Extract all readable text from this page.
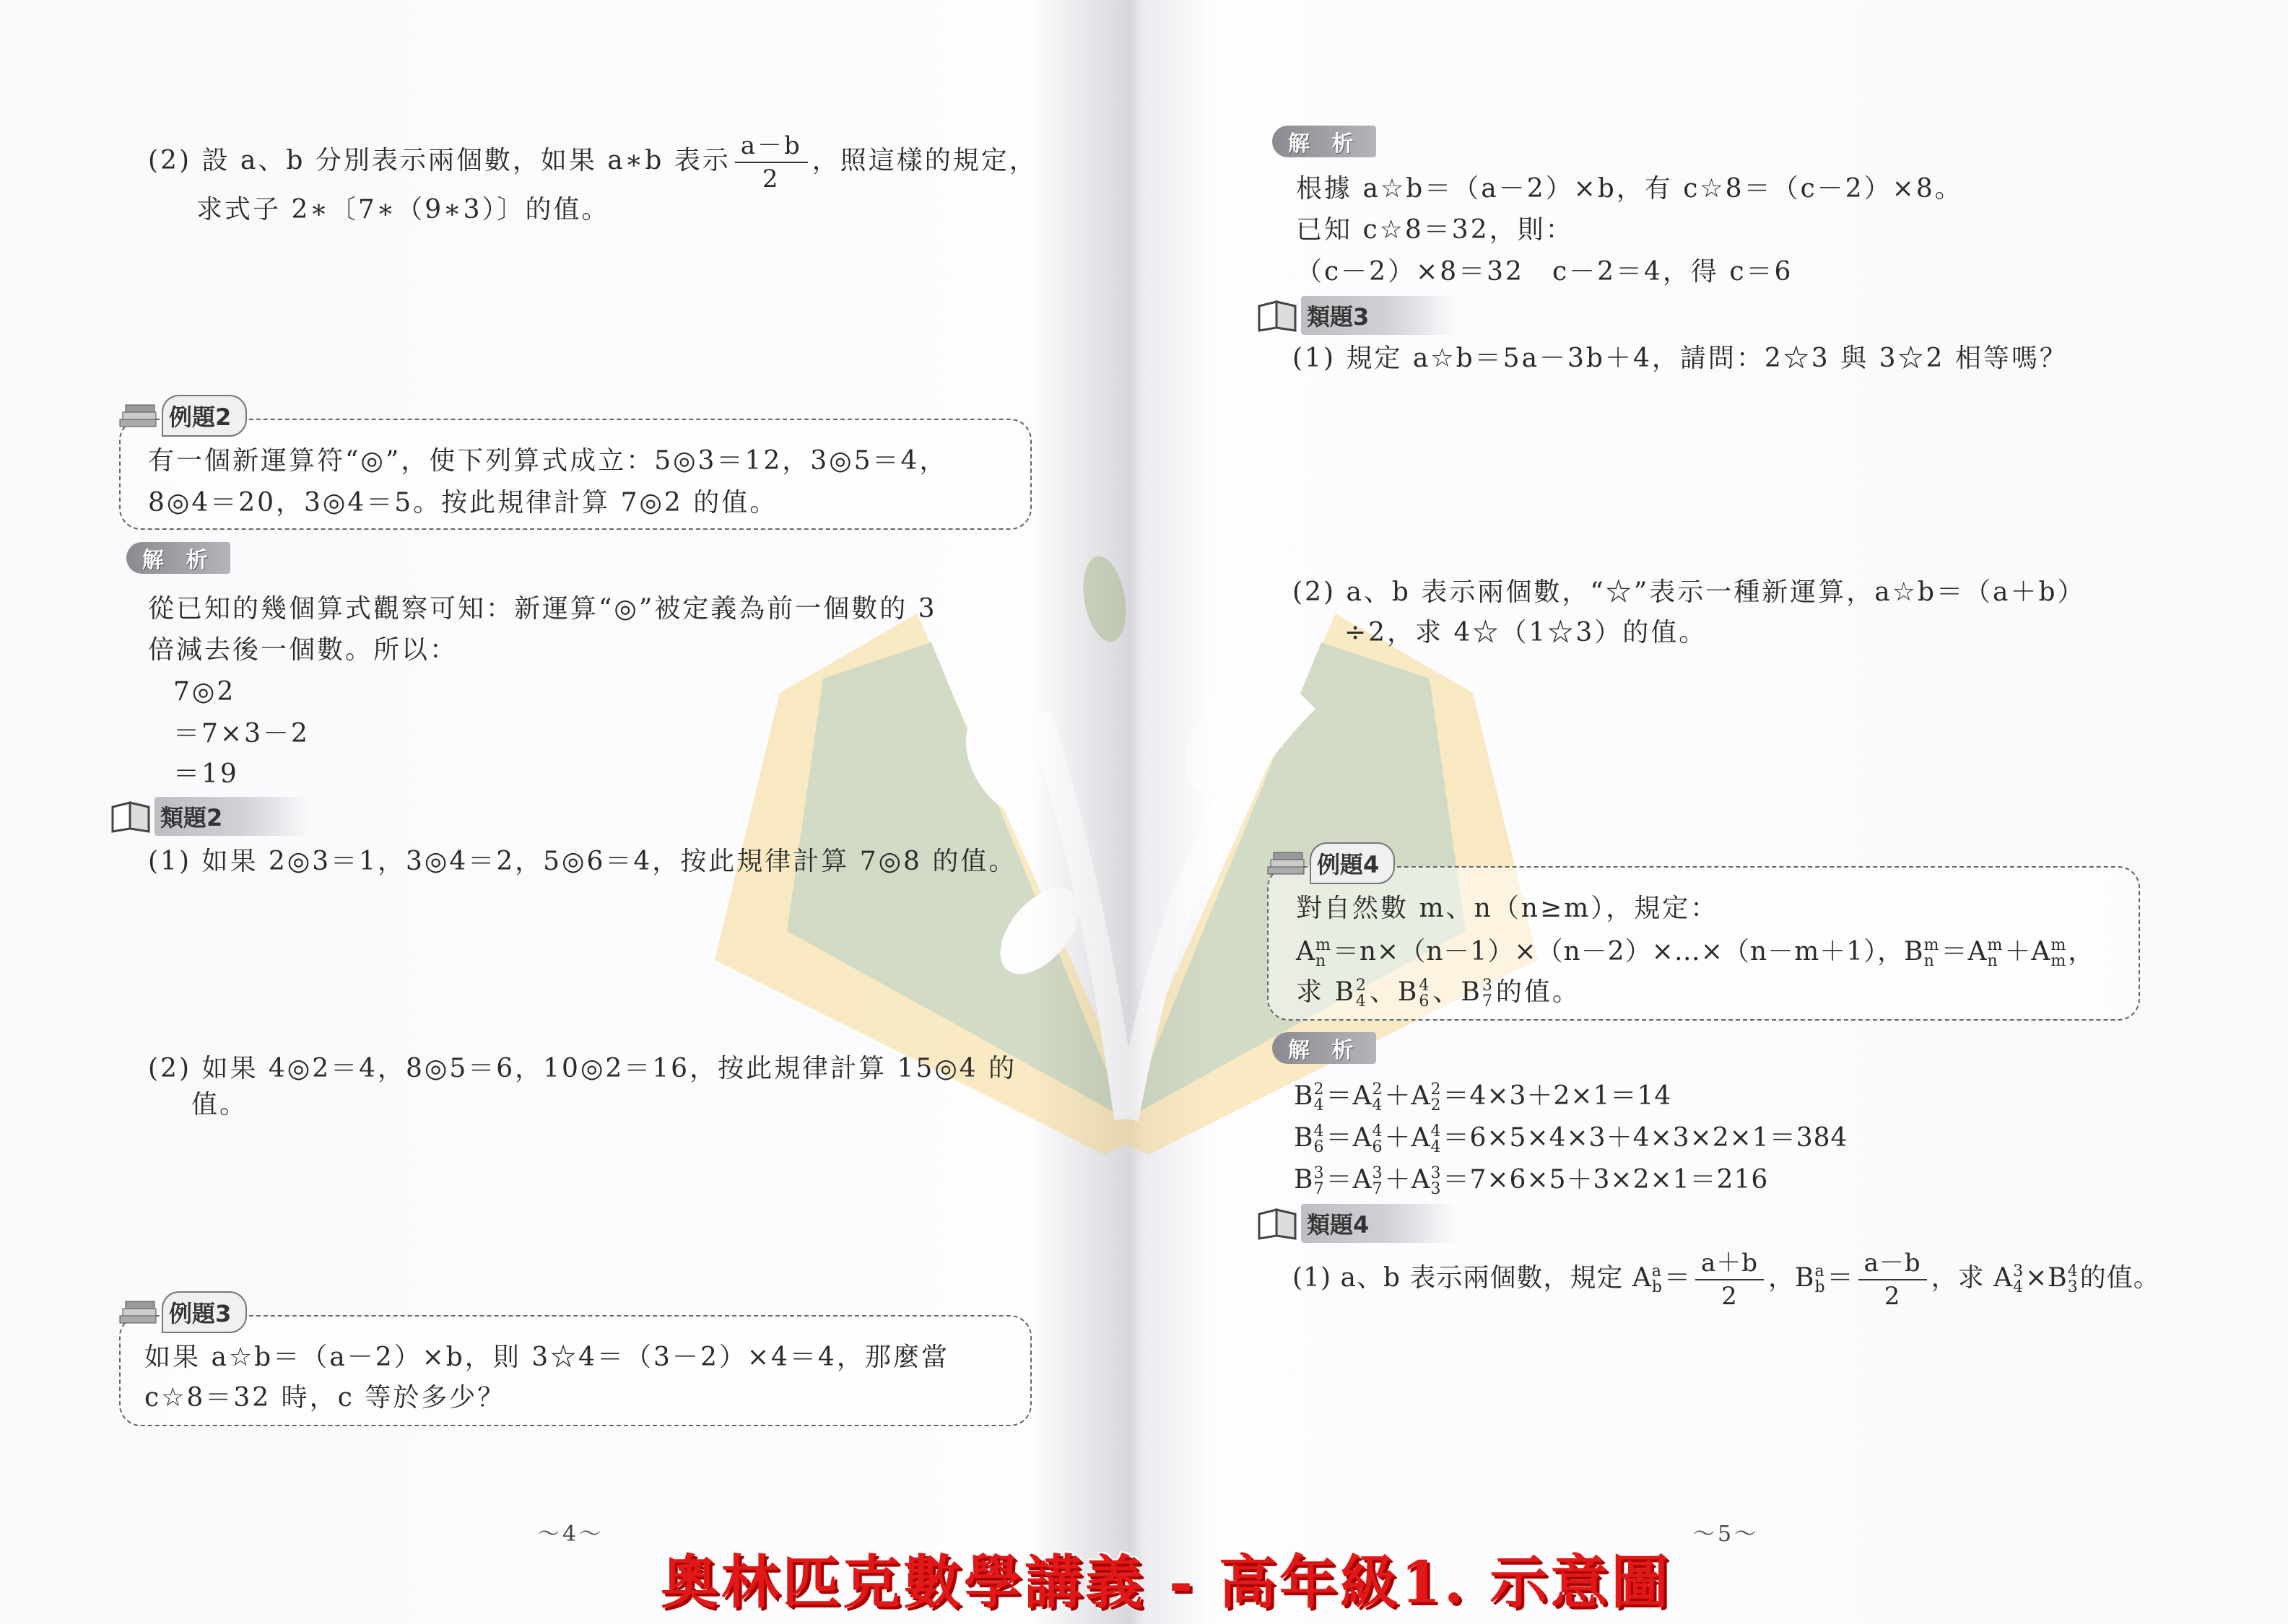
(2) 設 a、b 分別表示兩個數，如果 a∗b 表示 $\frac{a-b}{2}$ ，照這樣的規定，
求式子 2∗〔7∗（9∗3）〕的值。
例題2
有一個新運算符“◎”，使下列算式成立：5◎3＝12，3◎5＝4，
8◎4＝20，3◎4＝5。按此規律計算 7◎2 的值。
解 析
從已知的幾個算式觀察可知：新運算“◎”被定義為前一個數的 3
倍減去後一個數。所以：
7◎2
＝7×3－2
＝19
類題2
(1) 如果 2◎3＝1，3◎4＝2，5◎6＝4，按此規律計算 7◎8 的值。
(2) 如果 4◎2＝4，8◎5＝6，10◎2＝16，按此規律計算 15◎4 的
值。
例題3
如果 a☆b＝（a－2）×b，則 3☆4＝（3－2）×4＝4，那麼當
c☆8＝32 時，c 等於多少？
～4～
解 析
根據 a☆b＝（a－2）×b，有 c☆8＝（c－2）×8。
已知 c☆8＝32，則：
（c－2）×8＝32　c－2＝4，得 c＝6
類題3
(1) 規定 a☆b＝5a－3b＋4，請問：2☆3 與 3☆2 相等嗎？
(2) a、b 表示兩個數，“☆”表示一種新運算，a☆b＝（a＋b）
÷2，求 4☆（1☆3）的值。
例題4
對自然數 m、n（n≥m），規定：
A m
n ＝n×（n－1）×（n－2）×…×（n－m＋1），B m
n ＝A m
n ＋A m
m ，
求 B 2
4 、B 4
6 、B 3
7 的值。
解 析
B 2
4 ＝A 2
4 ＋A 2
2 ＝4×3＋2×1＝14
B 4
6 ＝A 4
6 ＋A 4
4 ＝6×5×4×3＋4×3×2×1＝384
B 3
7 ＝A 3
7 ＋A 3
3 ＝7×6×5＋3×2×1＝216
類題4
(1) a、b 表示兩個數，規定 A a
$b = \frac{a+b}{2}$ ，B a
$b = \frac{a-b}{2}$ ，求 A 3
4 ×B 4
3 的值。
～5～
奧林匹克數學講義 - 高年級1. 示意圖
